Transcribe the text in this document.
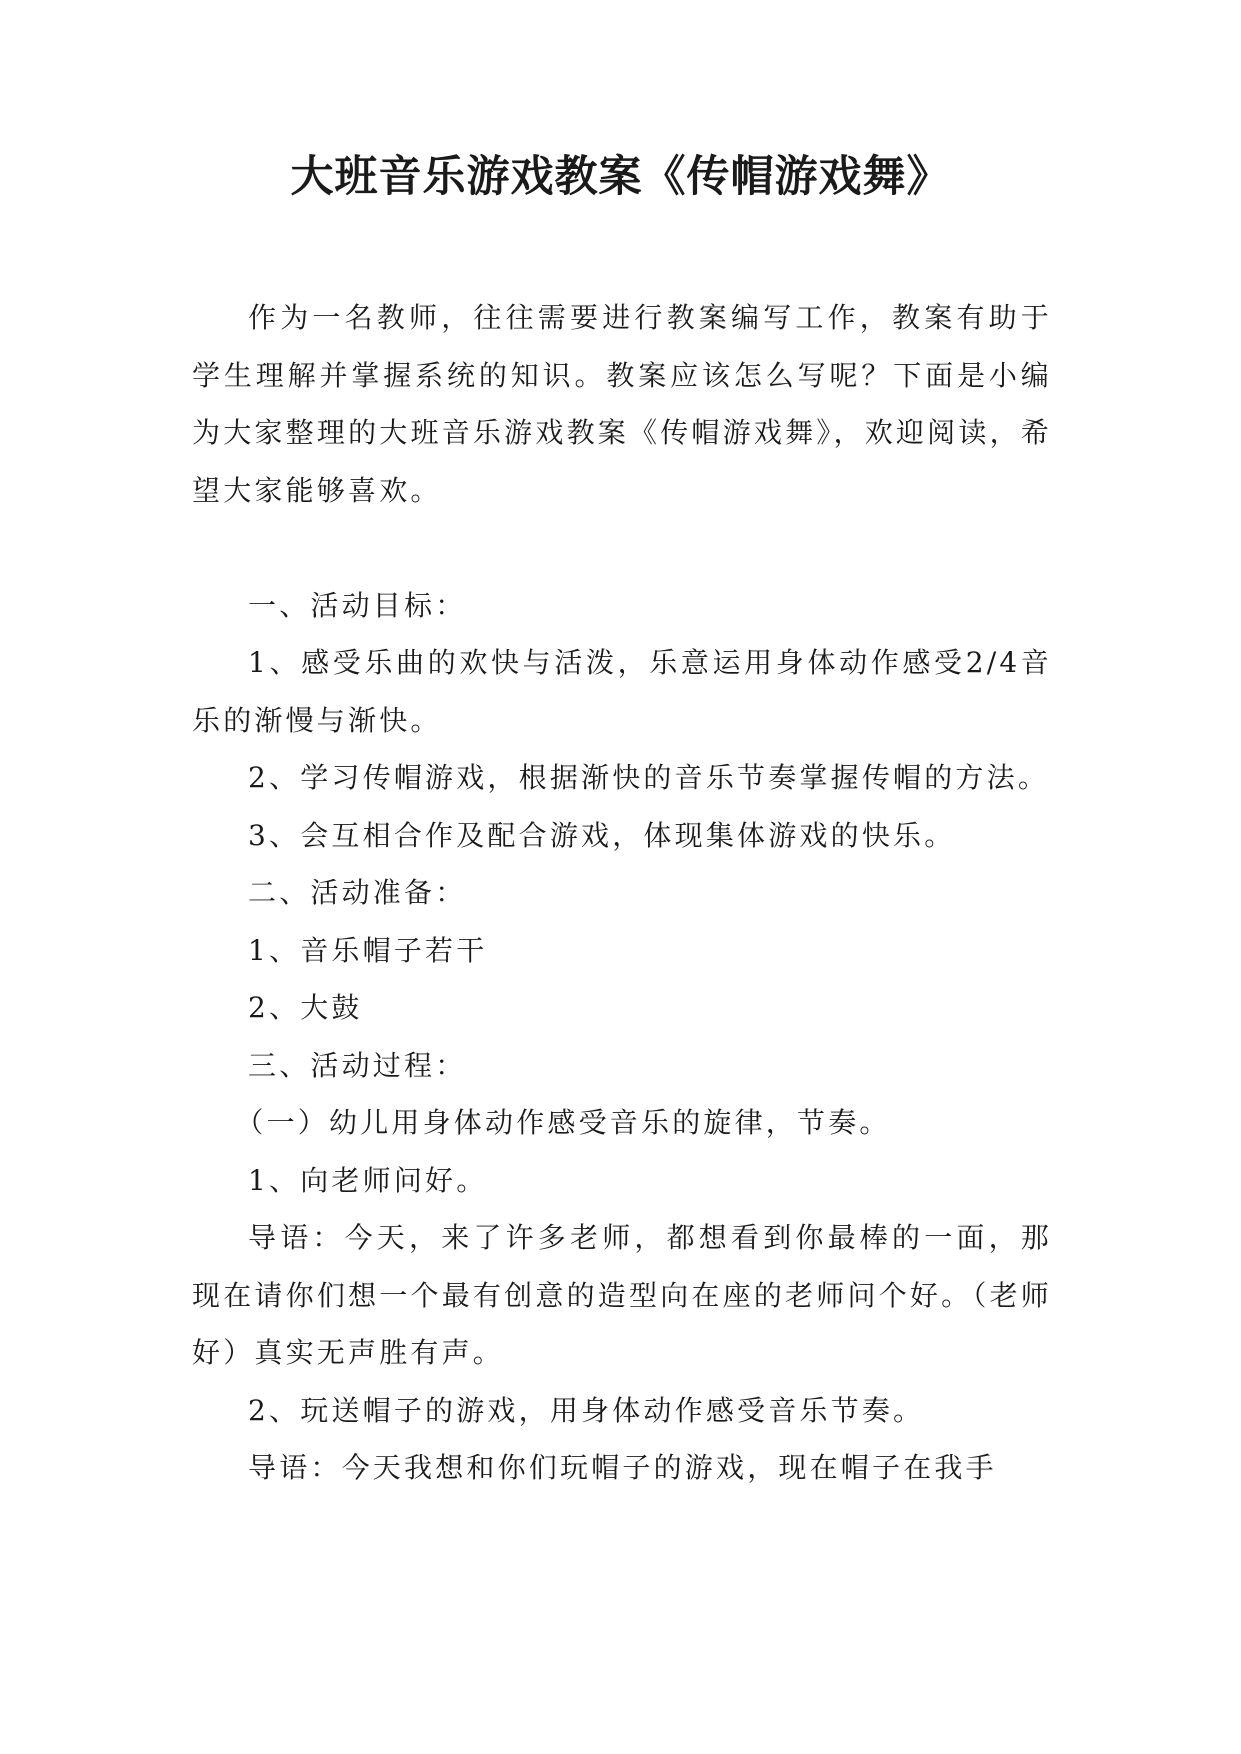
大班音乐游戏教案《传帽游戏舞》

作为一名教师，往往需要进行教案编写工作，教案有助于学生理解并掌握系统的知识。教案应该怎么写呢？下面是小编为大家整理的大班音乐游戏教案《传帽游戏舞》，欢迎阅读，希望大家能够喜欢。

一、活动目标：

1、感受乐曲的欢快与活泼，乐意运用身体动作感受2/4音乐的渐慢与渐快。

2、学习传帽游戏，根据渐快的音乐节奏掌握传帽的方法。

3、会互相合作及配合游戏，体现集体游戏的快乐。

二、活动准备：

1、音乐帽子若干

2、大鼓

三、活动过程：

（一）幼儿用身体动作感受音乐的旋律，节奏。

1、向老师问好。

导语：今天，来了许多老师，都想看到你最棒的一面，那现在请你们想一个最有创意的造型向在座的老师问个好。（老师好）真实无声胜有声。

2、玩送帽子的游戏，用身体动作感受音乐节奏。

导语：今天我想和你们玩帽子的游戏，现在帽子在我手
